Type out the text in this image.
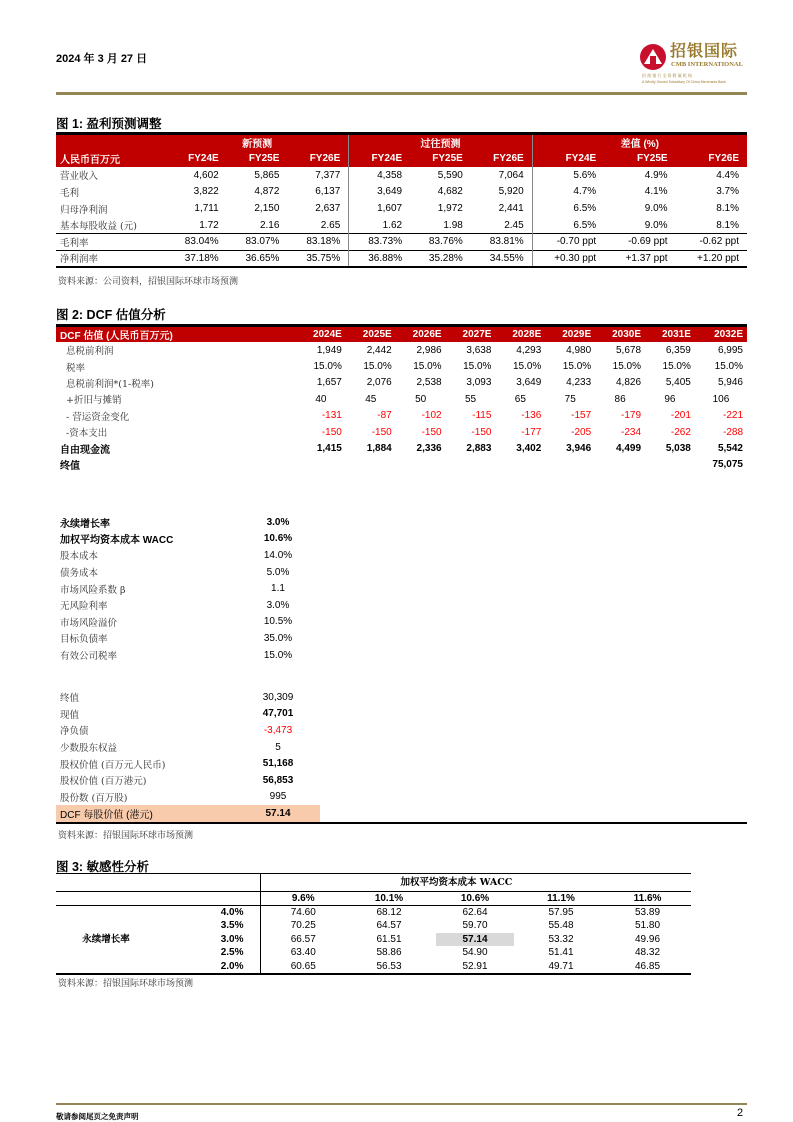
2024 年 3 月 27 日	招银国际
CMB INTERNATIONAL
招 商 银 行 全 资 附 属 机 构
A Wholly Owned Subsidiary Of China Merchants Bank
图 1: 盈利预测调整
	新预测			过往预测			差值 (%)		
人民币百万元	FY24E	FY25E	FY26E	FY24E	FY25E	FY26E	FY24E	FY25E	FY26E
营业收入	4,602	5,865	7,377	4,358	5,590	7,064	5.6%	4.9%	4.4%
毛利	3,822	4,872	6,137	3,649	4,682	5,920	4.7%	4.1%	3.7%
归母净利润	1,711	2,150	2,637	1,607	1,972	2,441	6.5%	9.0%	8.1%
基本每股收益 (元)	1.72	2.16	2.65	1.62	1.98	2.45	6.5%	9.0%	8.1%
毛利率	83.04%	83.07%	83.18%	83.73%	83.76%	83.81%	-0.70 ppt	-0.69 ppt	-0.62 ppt
净利润率	37.18%	36.65%	35.75%	36.88%	35.28%	34.55%	+0.30 ppt	+1.37 ppt	+1.20 ppt
资料来源：公司资料，招银国际环球市场预测
图 2: DCF 估值分析
DCF 估值 (人民币百万元)	2024E	2025E	2026E	2027E	2028E	2029E	2030E	2031E	2032E
息税前利润	1,949	2,442	2,986	3,638	4,293	4,980	5,678	6,359	6,995
税率	15.0%	15.0%	15.0%	15.0%	15.0%	15.0%	15.0%	15.0%	15.0%
息税前利润*(1-税率)	1,657	2,076	2,538	3,093	3,649	4,233	4,826	5,405	5,946
+折旧与摊销	40	45	50	55	65	75	86	96	106
- 营运资金变化	-131	-87	-102	-115	-136	-157	-179	-201	-221
-资本支出	-150	-150	-150	-150	-177	-205	-234	-262	-288
自由现金流	1,415	1,884	2,336	2,883	3,402	3,946	4,499	5,038	5,542
终值									75,075
永续增长率	3.0%
加权平均资本成本 WACC	10.6%
股本成本	14.0%
债务成本	5.0%
市场风险系数 β	1.1
无风险利率	3.0%
市场风险溢价	10.5%
目标负债率	35.0%
有效公司税率	15.0%
终值	30,309
现值	47,701
净负债	-3,473
少数股东权益	5
股权价值 (百万元人民币)	51,168
股权价值 (百万港元)	56,853
股份数 (百万股)	995
DCF 每股价值 (港元)	57.14
资料来源：招银国际环球市场预测
图 3: 敏感性分析
		加权平均资本成本 WACC				
		9.6%	10.1%	10.6%	11.1%	11.6%
	4.0%	74.60	68.12	62.64	57.95	53.89
	3.5%	70.25	64.57	59.70	55.48	51.80
永续增长率	3.0%	66.57	61.51	57.14	53.32	49.96
	2.5%	63.40	58.86	54.90	51.41	48.32
	2.0%	60.65	56.53	52.91	49.71	46.85
资料来源：招银国际环球市场预测
敬请参阅尾页之免责声明	2
